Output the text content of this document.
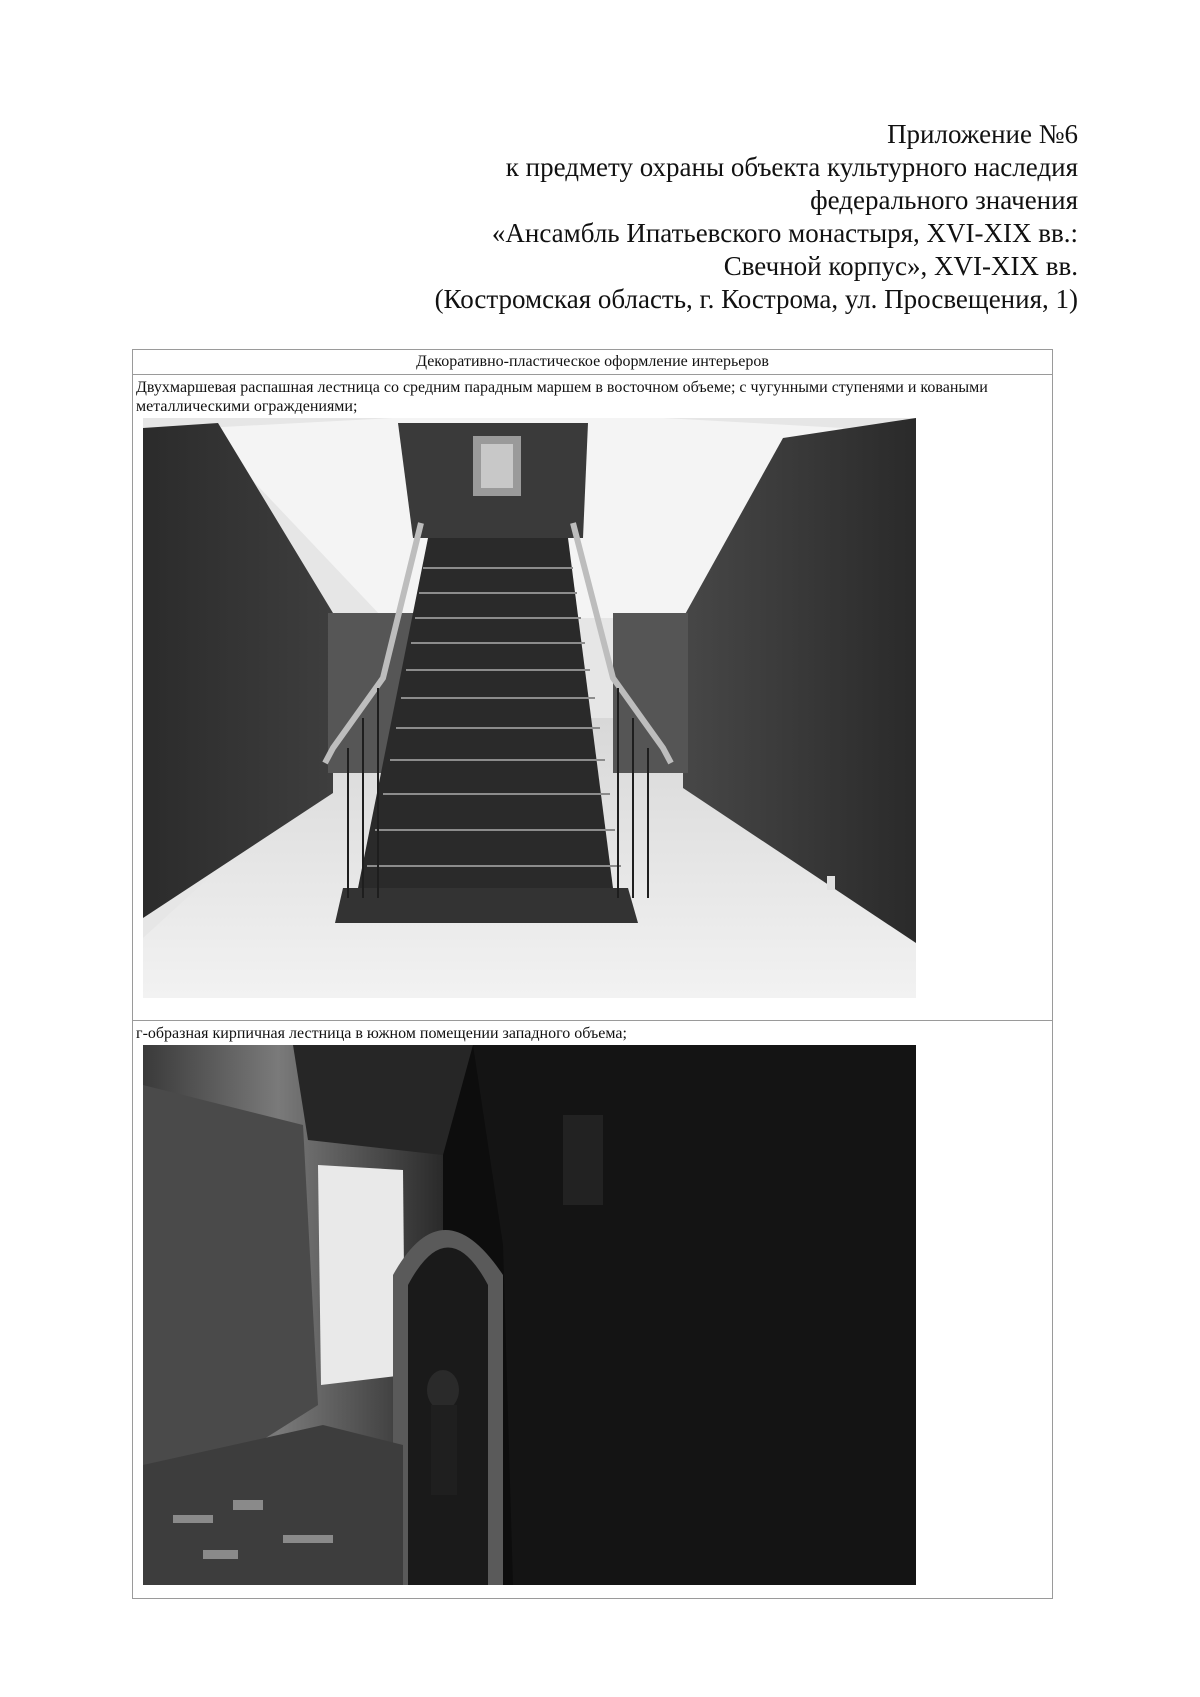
Приложение №6
к предмету охраны объекта культурного наследия
федерального значения
«Ансамбль Ипатьевского монастыря, XVI-XIX вв.:
Свечной корпус», XVI-XIX вв.
(Костромская область, г. Кострома, ул. Просвещения, 1)
Декоративно-пластическое оформление интерьеров

Двухмаршевая распашная лестница со средним парадным маршем в восточном объеме; с чугунными ступенями и коваными металлическими ограждениями;

г-образная кирпичная лестница в южном помещении западного объема;
